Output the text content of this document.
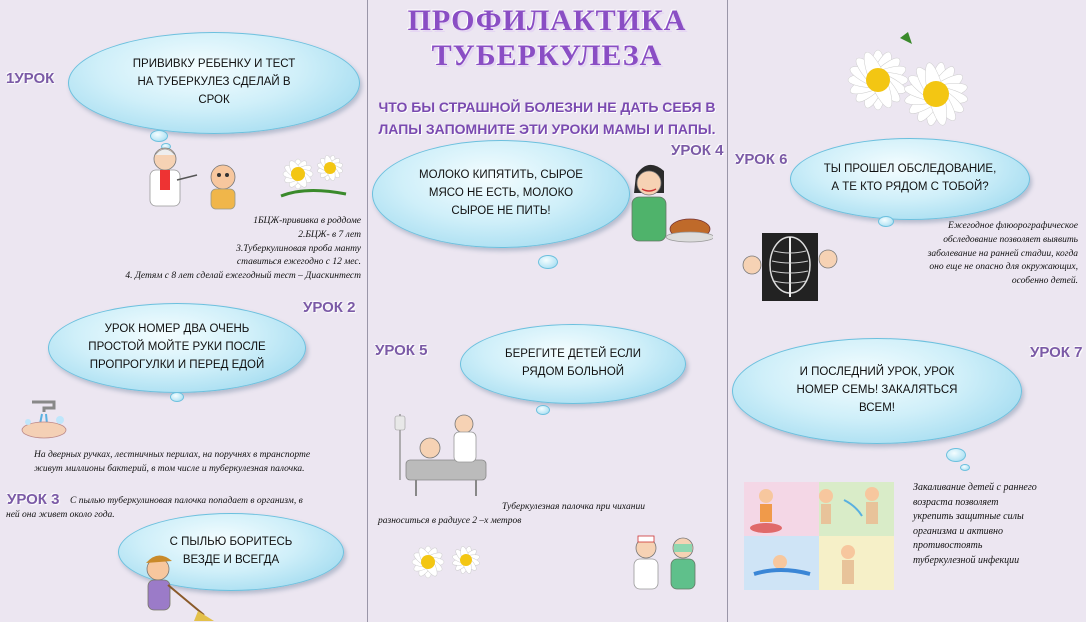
1УРОК
ПРИВИВКУ РЕБЕНКУ И ТЕСТ
НА ТУБЕРКУЛЕЗ СДЕЛАЙ В
СРОК
1БЦЖ-прививка в роддоме
2.БЦЖ- в 7 лет
3.Туберкулиновая проба манту
ставиться ежегодно с 12 мес.
4. Детям с 8 лет сделай ежегодный тест – Диаскинтест
УРОК 2
УРОК НОМЕР ДВА ОЧЕНЬ
ПРОСТОЙ МОЙТЕ РУКИ ПОСЛЕ
ПРОПРОГУЛКИ И ПЕРЕД ЕДОЙ
На дверных ручках, лестничных перилах, на поручнях в транспорте
живут миллионы бактерий, в том числе и туберкулезная палочка.
УРОК 3	С пылью туберкулиновая палочка попадает в организм, в
ней она живет около года.
С ПЫЛЬЮ БОРИТЕСЬ
ВЕЗДЕ И ВСЕГДА
ПРОФИЛАКТИКА
ТУБЕРКУЛЕЗА
ЧТО БЫ СТРАШНОЙ БОЛЕЗНИ НЕ ДАТЬ СЕБЯ В
ЛАПЫ ЗАПОМНИТЕ ЭТИ УРОКИ МАМЫ И ПАПЫ.
УРОК 4
МОЛОКО КИПЯТИТЬ, СЫРОЕ
МЯСО НЕ ЕСТЬ, МОЛОКО
СЫРОЕ НЕ ПИТЬ!
УРОК 5	БЕРЕГИТЕ ДЕТЕЙ ЕСЛИ
РЯДОМ БОЛЬНОЙ
Туберкулезная палочка при чихании
разноситься в радиусе 2 –х метров
УРОК 6
ТЫ ПРОШЕЛ ОБСЛЕДОВАНИЕ,
А ТЕ КТО РЯДОМ С ТОБОЙ?
Ежегодное флюорографическое
обследование позволяет выявить
заболевание на ранней стадии, когда
оно еще не опасно для окружающих,
особенно детей.
УРОК 7
И ПОСЛЕДНИЙ УРОК, УРОК
НОМЕР СЕМЬ! ЗАКАЛЯТЬСЯ
ВСЕМ!
Закаливание детей с раннего
возраста позволяет
укрепить защитные силы
организма и активно
противостоять
туберкулезной инфекции
